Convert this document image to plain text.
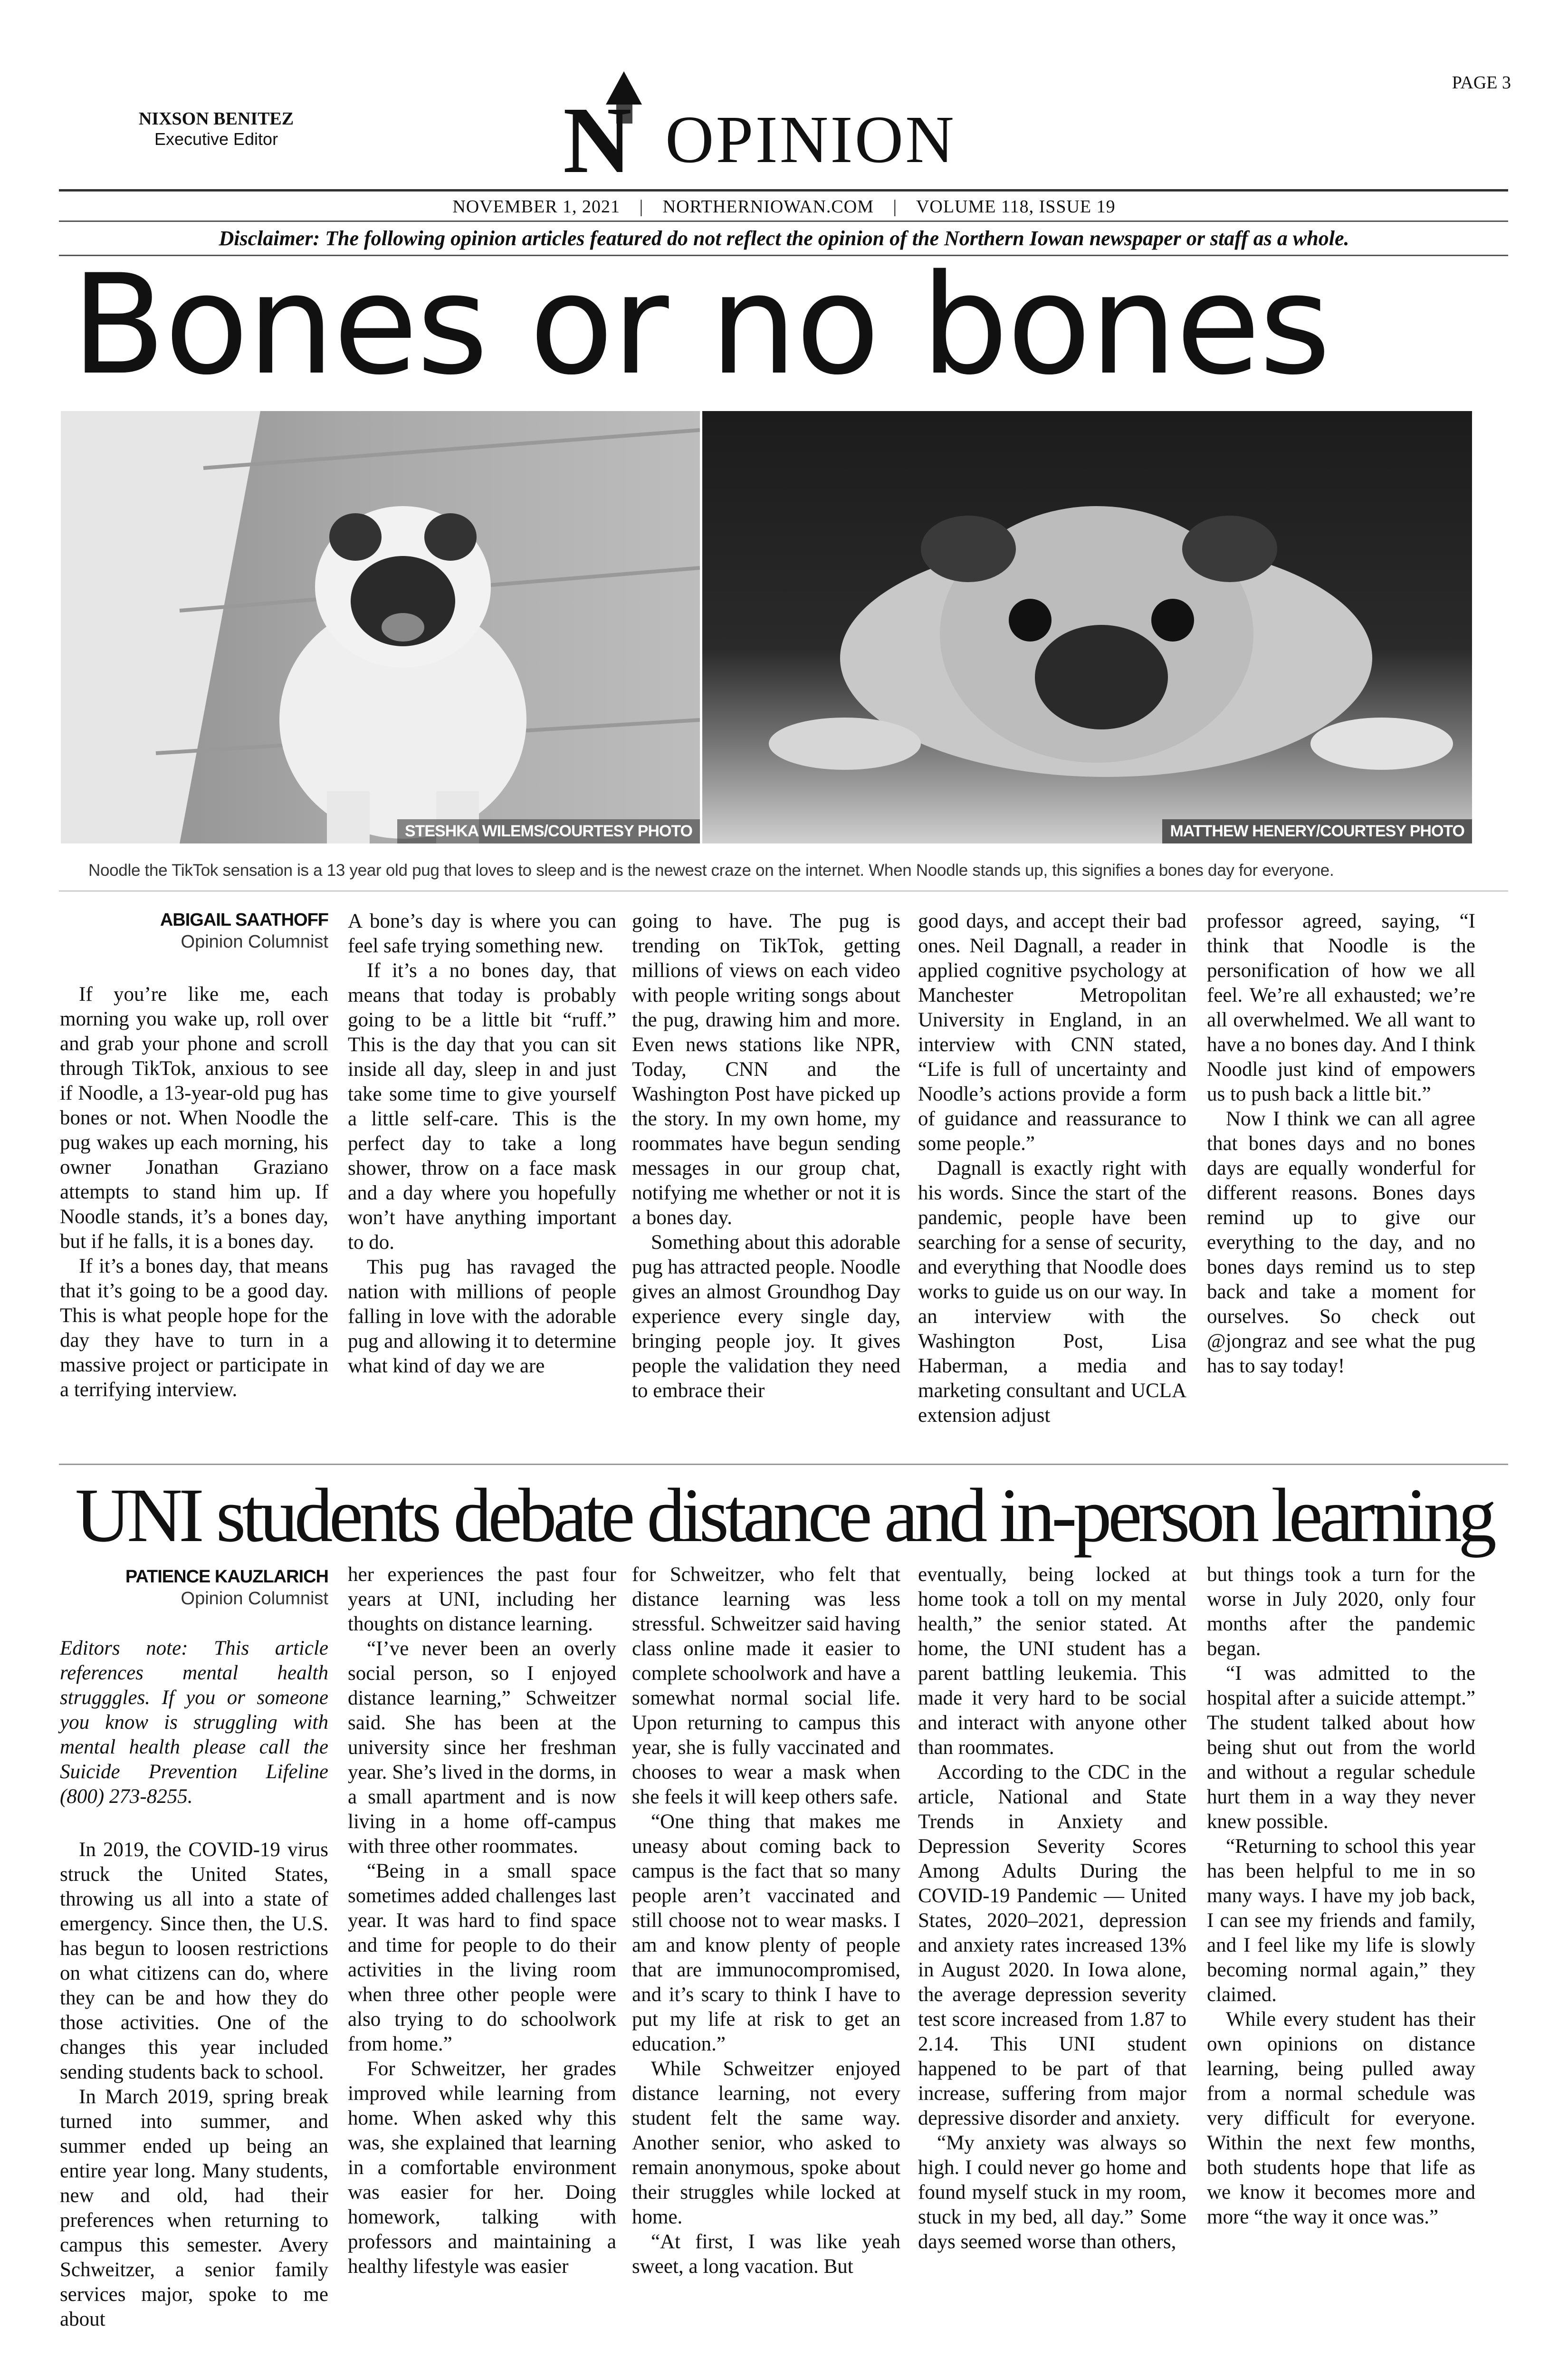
NIXSON BENITEZ
Executive Editor	N OPINION
PAGE 3
NOVEMBER 1, 2021 | NORTHERNIOWAN.COM | VOLUME 118, ISSUE 19
Disclaimer: The following opinion articles featured do not reflect the opinion of the Northern Iowan newspaper or staff as a whole.
Bones or no bones
STESHKA WILEMS/COURTESY PHOTO	MATTHEW HENERY/COURTESY PHOTO
Noodle the TikTok sensation is a 13 year old pug that loves to sleep and is the newest craze on the internet. When Noodle stands up, this signifies a bones day for everyone.
ABIGAIL SAATHOFF
Opinion Columnist

If you’re like me, each morning you wake up, roll over and grab your phone and scroll through TikTok, anxious to see if Noodle, a 13-year-old pug has bones or not. When Noodle the pug wakes up each morning, his owner Jonathan Graziano attempts to stand him up. If Noodle stands, it’s a bones day, but if he falls, it is a bones day.

If it’s a bones day, that means that it’s going to be a good day. This is what people hope for the day they have to turn in a massive project or participate in a terrifying interview.

A bone’s day is where you can feel safe trying something new.

If it’s a no bones day, that means that today is probably going to be a little bit “ruff.” This is the day that you can sit inside all day, sleep in and just take some time to give yourself a little self-care. This is the perfect day to take a long shower, throw on a face mask and a day where you hopefully won’t have anything important to do.

This pug has ravaged the nation with millions of people falling in love with the adorable pug and allowing it to determine what kind of day we are

going to have. The pug is trending on TikTok, getting millions of views on each video with people writing songs about the pug, drawing him and more. Even news stations like NPR, Today, CNN and the Washington Post have picked up the story. In my own home, my roommates have begun sending messages in our group chat, notifying me whether or not it is a bones day.

Something about this adorable pug has attracted people. Noodle gives an almost Groundhog Day experience every single day, bringing people joy. It gives people the validation they need to embrace their

good days, and accept their bad ones. Neil Dagnall, a reader in applied cognitive psychology at Manchester Metropolitan University in England, in an interview with CNN stated, “Life is full of uncertainty and Noodle’s actions provide a form of guidance and reassurance to some people.”

Dagnall is exactly right with his words. Since the start of the pandemic, people have been searching for a sense of security, and everything that Noodle does works to guide us on our way. In an interview with the Washington Post, Lisa Haberman, a media and marketing consultant and UCLA extension adjust

professor agreed, saying, “I think that Noodle is the personification of how we all feel. We’re all exhausted; we’re all overwhelmed. We all want to have a no bones day. And I think Noodle just kind of empowers us to push back a little bit.”

Now I think we can all agree that bones days and no bones days are equally wonderful for different reasons. Bones days remind up to give our everything to the day, and no bones days remind us to step back and take a moment for ourselves. So check out @jongraz and see what the pug has to say today!

UNI students debate distance and in-person learning
PATIENCE KAUZLARICH
Opinion Columnist

Editors note: This article references mental health strugggles. If you or someone you know is struggling with mental health please call the Suicide Prevention Lifeline (800) 273-8255.

In 2019, the COVID-19 virus struck the United States, throwing us all into a state of emergency. Since then, the U.S. has begun to loosen restrictions on what citizens can do, where they can be and how they do those activities. One of the changes this year included sending students back to school.

In March 2019, spring break turned into summer, and summer ended up being an entire year long. Many students, new and old, had their preferences when returning to campus this semester. Avery Schweitzer, a senior family services major, spoke to me about

her experiences the past four years at UNI, including her thoughts on distance learning.

“I’ve never been an overly social person, so I enjoyed distance learning,” Schweitzer said. She has been at the university since her freshman year. She’s lived in the dorms, in a small apartment and is now living in a home off-campus with three other roommates.

“Being in a small space sometimes added challenges last year. It was hard to find space and time for people to do their activities in the living room when three other people were also trying to do schoolwork from home.”

For Schweitzer, her grades improved while learning from home. When asked why this was, she explained that learning in a comfortable environment was easier for her. Doing homework, talking with professors and maintaining a healthy lifestyle was easier

for Schweitzer, who felt that distance learning was less stressful. Schweitzer said having class online made it easier to complete schoolwork and have a somewhat normal social life. Upon returning to campus this year, she is fully vaccinated and chooses to wear a mask when she feels it will keep others safe.

“One thing that makes me uneasy about coming back to campus is the fact that so many people aren’t vaccinated and still choose not to wear masks. I am and know plenty of people that are immunocompromised, and it’s scary to think I have to put my life at risk to get an education.”

While Schweitzer enjoyed distance learning, not every student felt the same way. Another senior, who asked to remain anonymous, spoke about their struggles while locked at home.

“At first, I was like yeah sweet, a long vacation. But

eventually, being locked at home took a toll on my mental health,” the senior stated. At home, the UNI student has a parent battling leukemia. This made it very hard to be social and interact with anyone other than roommates.

According to the CDC in the article, National and State Trends in Anxiety and Depression Severity Scores Among Adults During the COVID-19 Pandemic — United States, 2020–2021, depression and anxiety rates increased 13% in August 2020. In Iowa alone, the average depression severity test score increased from 1.87 to 2.14. This UNI student happened to be part of that increase, suffering from major depressive disorder and anxiety.

“My anxiety was always so high. I could never go home and found myself stuck in my room, stuck in my bed, all day.” Some days seemed worse than others,

but things took a turn for the worse in July 2020, only four months after the pandemic began.

“I was admitted to the hospital after a suicide attempt.” The student talked about how being shut out from the world and without a regular schedule hurt them in a way they never knew possible.

“Returning to school this year has been helpful to me in so many ways. I have my job back, I can see my friends and family, and I feel like my life is slowly becoming normal again,” they claimed.

While every student has their own opinions on distance learning, being pulled away from a normal schedule was very difficult for everyone. Within the next few months, both students hope that life as we know it becomes more and more “the way it once was.”
